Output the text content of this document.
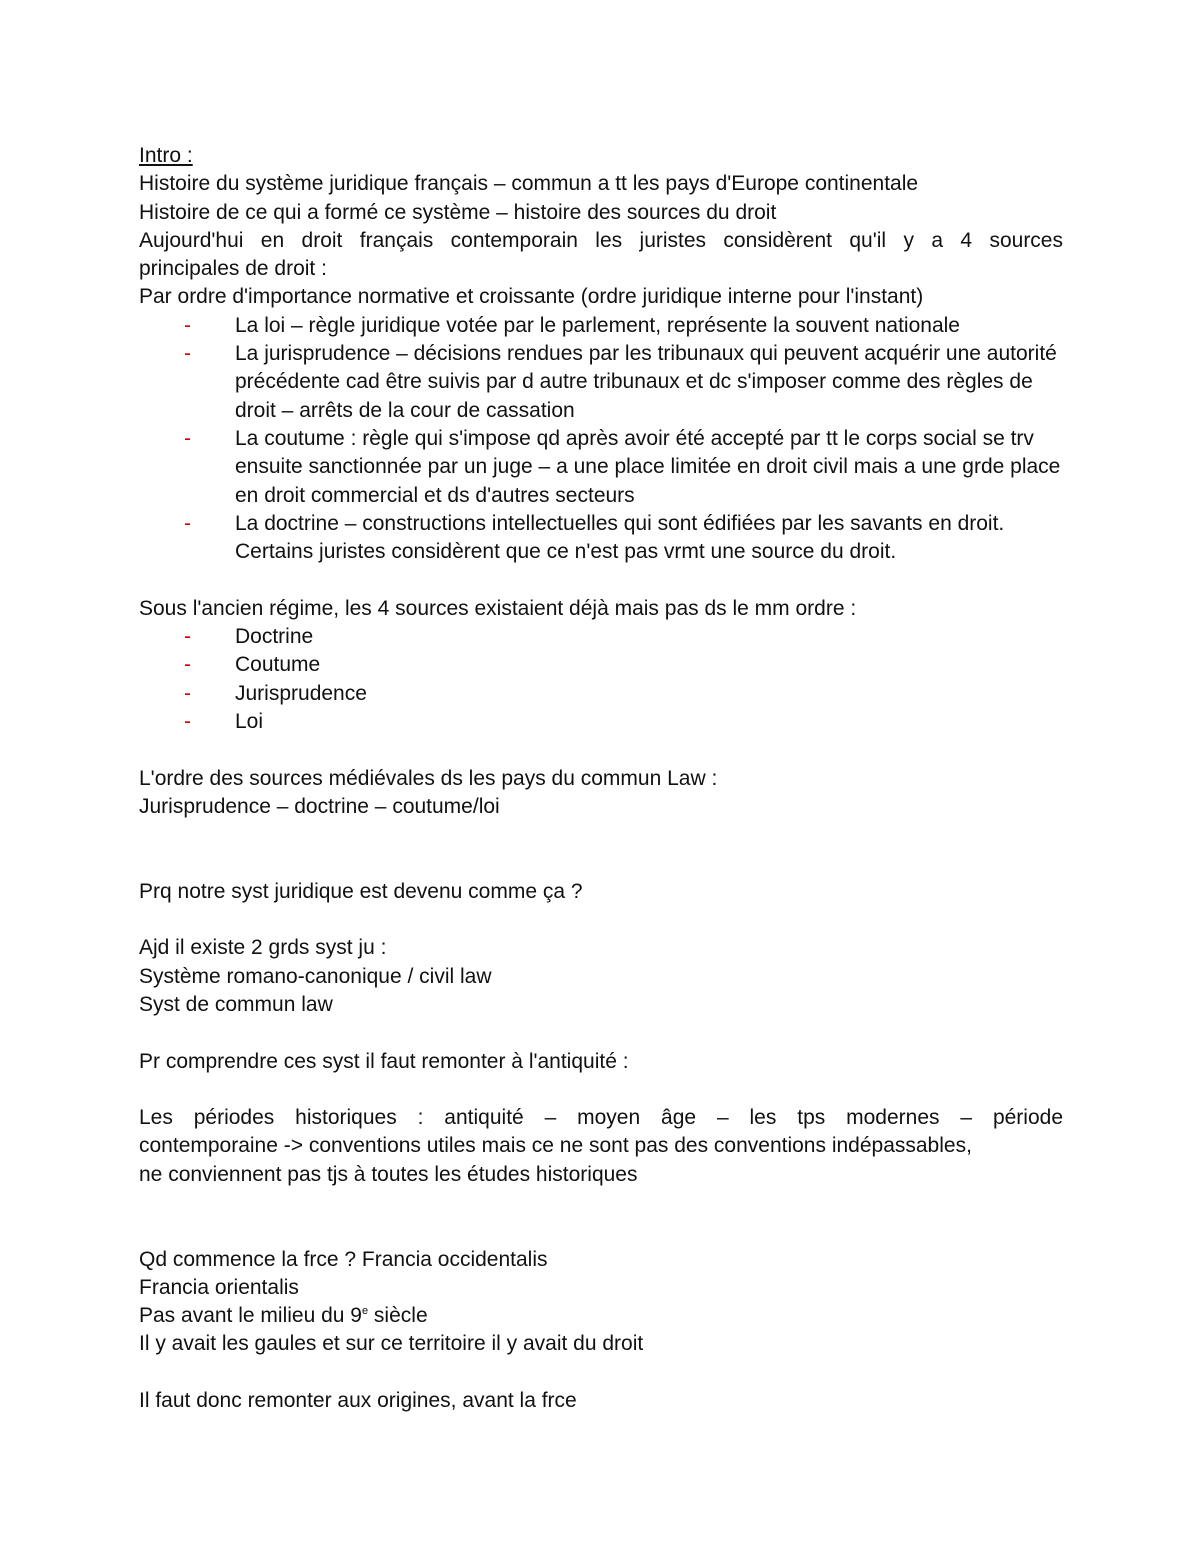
Intro :

Histoire du système juridique français – commun a tt les pays d'Europe continentale

Histoire de ce qui a formé ce système – histoire des sources du droit

Aujourd'hui en droit français contemporain les juristes considèrent qu'il y a 4 sources

principales de droit :

Par ordre d'importance normative et croissante (ordre juridique interne pour l'instant)

- La loi – règle juridique votée par le parlement, représente la souvent nationale
- La jurisprudence – décisions rendues par les tribunaux qui peuvent acquérir une autorité précédente cad être suivis par d autre tribunaux et dc s'imposer comme des règles de droit – arrêts de la cour de cassation
- La coutume : règle qui s'impose qd après avoir été accepté par tt le corps social se trv ensuite sanctionnée par un juge – a une place limitée en droit civil mais a une grde place en droit commercial et ds d'autres secteurs
- La doctrine – constructions intellectuelles qui sont édifiées par les savants en droit. Certains juristes considèrent que ce n'est pas vrmt une source du droit.

Sous l'ancien régime, les 4 sources existaient déjà mais pas ds le mm ordre :

- Doctrine
- Coutume
- Jurisprudence
- Loi

L'ordre des sources médiévales ds les pays du commun Law :

Jurisprudence – doctrine – coutume/loi

Prq notre syst juridique est devenu comme ça ?

Ajd il existe 2 grds syst ju :

Système romano-canonique / civil law

Syst de commun law

Pr comprendre ces syst il faut remonter à l'antiquité :

Les périodes historiques : antiquité – moyen âge – les tps modernes – période

contemporaine -> conventions utiles mais ce ne sont pas des conventions indépassables,

ne conviennent pas tjs à toutes les études historiques

Qd commence la frce ? Francia occidentalis

Francia orientalis

Pas avant le milieu du 9e siècle

Il y avait les gaules et sur ce territoire il y avait du droit

Il faut donc remonter aux origines, avant la frce
